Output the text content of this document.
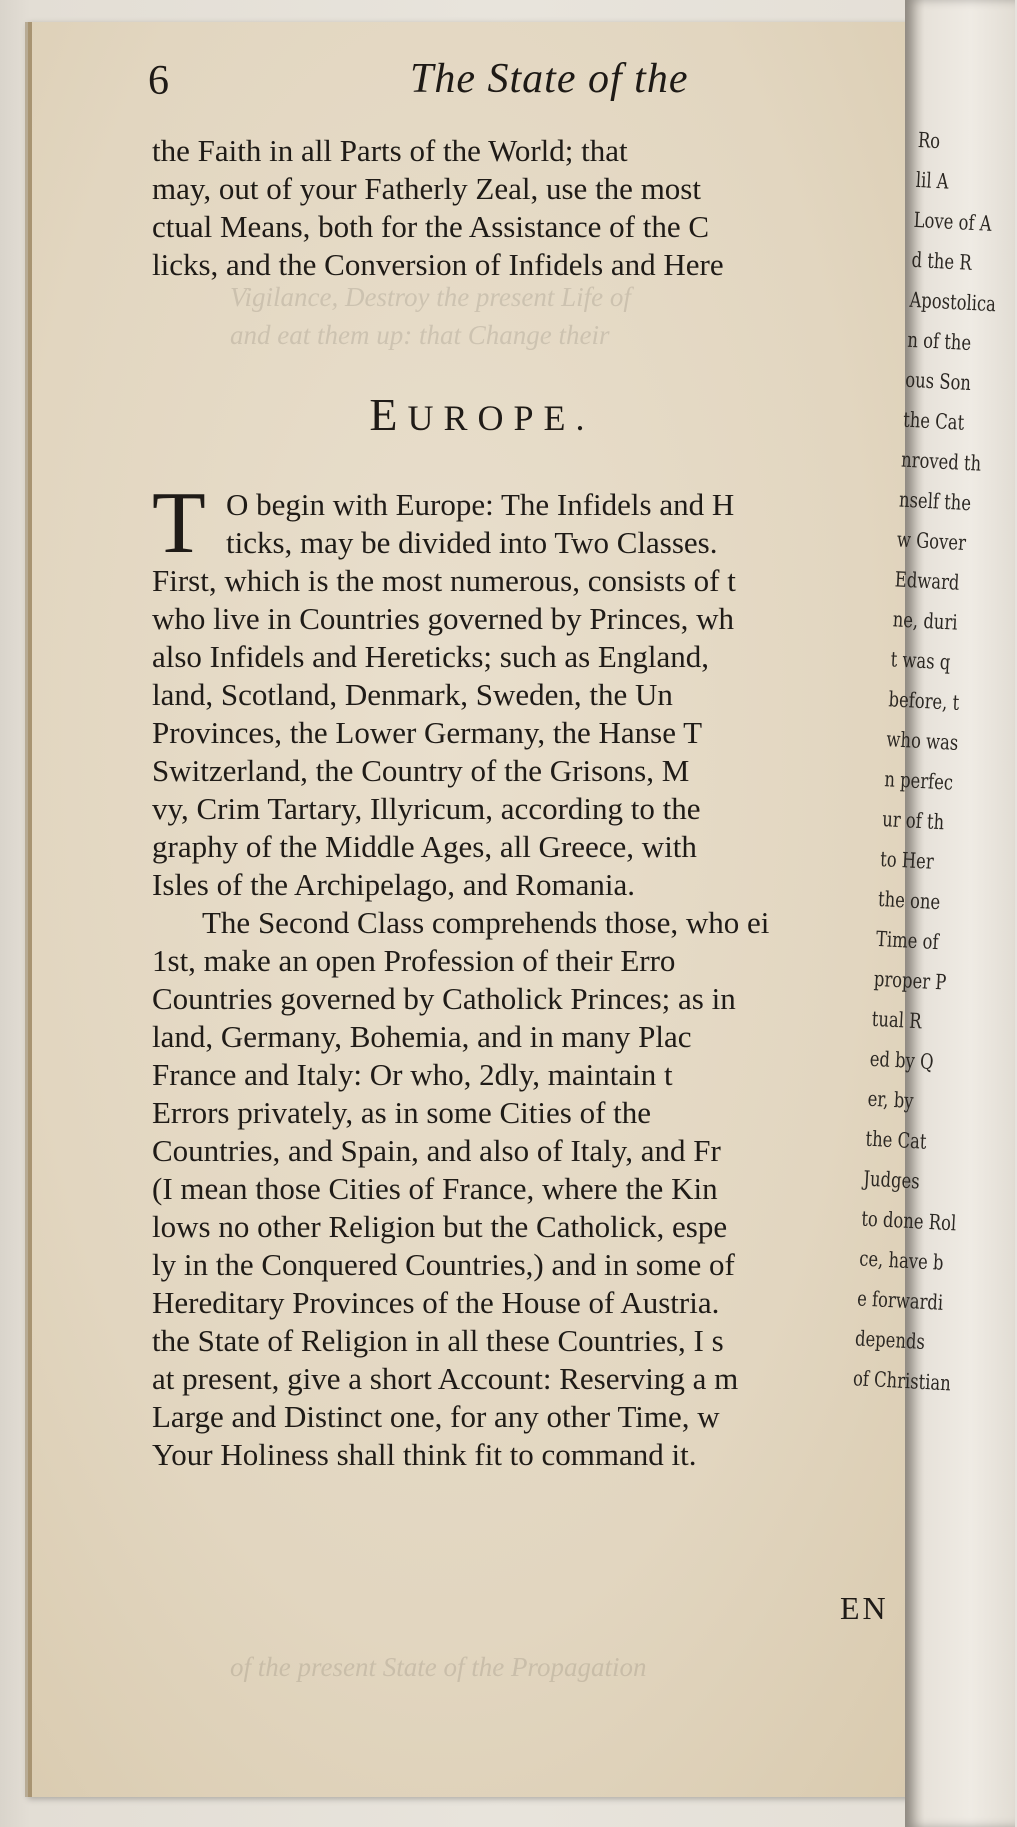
Vigilance, Destroy the present Life of
and eat them up: that Change their
of the present State of the Propagation
6	The State of the
the Faith in all Parts of the World; that
may, out of your Fatherly Zeal, use the most
ctual Means, both for the Assistance of the C
licks, and the Conversion of Infidels and Here
EUROPE.
T O begin with Europe: The Infidels and H
ticks, may be divided into Two Classes.
First, which is the most numerous, consists of t
who live in Countries governed by Princes, wh
also Infidels and Hereticks; such as England,
land, Scotland, Denmark, Sweden, the Un
Provinces, the Lower Germany, the Hanse T
Switzerland, the Country of the Grisons, M
vy, Crim Tartary, Illyricum, according to the
graphy of the Middle Ages, all Greece, with
Isles of the Archipelago, and Romania.
The Second Class comprehends those, who ei
1st, make an open Profession of their Erro
Countries governed by Catholick Princes; as in
land, Germany, Bohemia, and in many Plac
France and Italy: Or who, 2dly, maintain t
Errors privately, as in some Cities of the
Countries, and Spain, and also of Italy, and Fr
(I mean those Cities of France, where the Kin
lows no other Religion but the Catholick, espe
ly in the Conquered Countries,) and in some of
Hereditary Provinces of the House of Austria.
the State of Religion in all these Countries, I s
at present, give a short Account: Reserving a m
Large and Distinct one, for any other Time, w
Your Holiness shall think fit to command it.
EN
Ro
lil A
Love of A
d the R
Apostolica
n of the
ous Son
the Cat
nroved th
nself the
w Gover
Edward
ne, duri
t was q
before, t
who was
n perfec
ur of th
to Her
the one
Time of
proper P
tual R
ed by Q
er, by
the Cat
Judges
to done Rol
ce, have b
e forwardi
depends
of Christian
